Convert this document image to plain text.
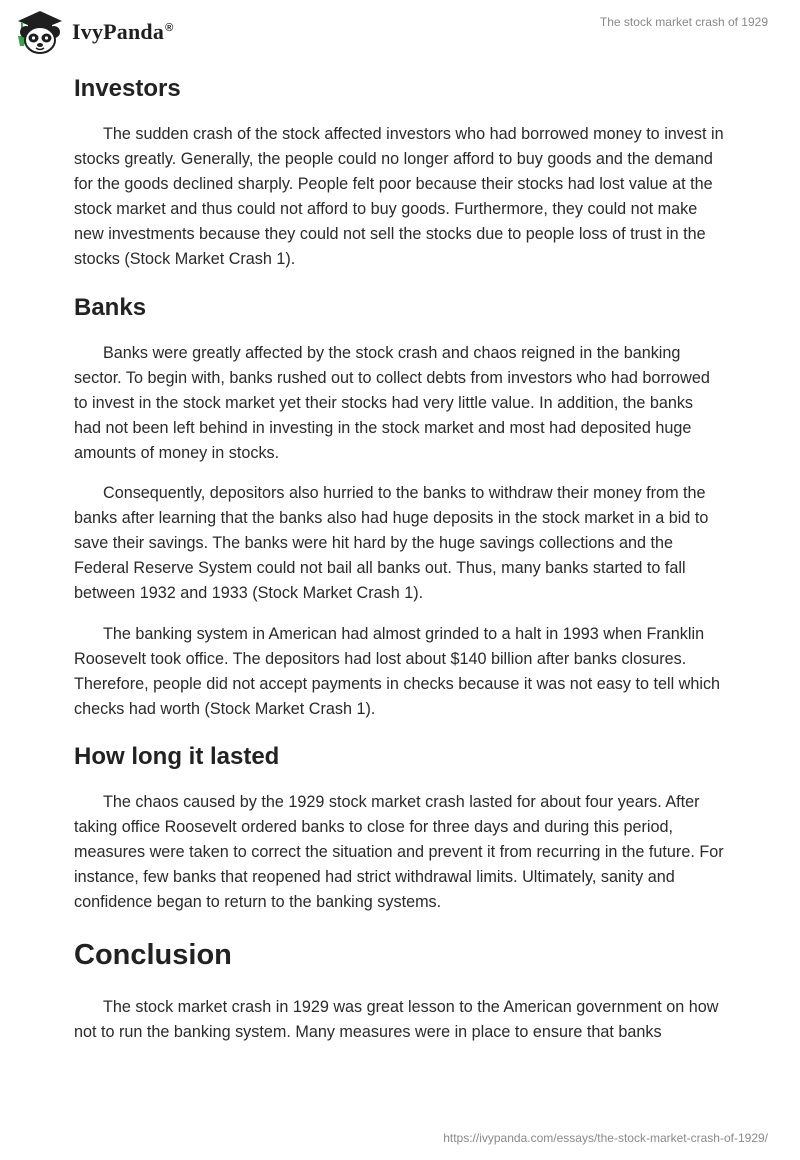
IvyPanda®	The stock market crash of 1929
Investors

The sudden crash of the stock affected investors who had borrowed money to invest in stocks greatly. Generally, the people could no longer afford to buy goods and the demand for the goods declined sharply. People felt poor because their stocks had lost value at the stock market and thus could not afford to buy goods. Furthermore, they could not make new investments because they could not sell the stocks due to people loss of trust in the stocks (Stock Market Crash 1).

Banks

Banks were greatly affected by the stock crash and chaos reigned in the banking sector. To begin with, banks rushed out to collect debts from investors who had borrowed to invest in the stock market yet their stocks had very little value. In addition, the banks had not been left behind in investing in the stock market and most had deposited huge amounts of money in stocks.

Consequently, depositors also hurried to the banks to withdraw their money from the banks after learning that the banks also had huge deposits in the stock market in a bid to save their savings. The banks were hit hard by the huge savings collections and the Federal Reserve System could not bail all banks out. Thus, many banks started to fall between 1932 and 1933 (Stock Market Crash 1).

The banking system in American had almost grinded to a halt in 1993 when Franklin Roosevelt took office. The depositors had lost about $140 billion after banks closures. Therefore, people did not accept payments in checks because it was not easy to tell which checks had worth (Stock Market Crash 1).

How long it lasted

The chaos caused by the 1929 stock market crash lasted for about four years. After taking office Roosevelt ordered banks to close for three days and during this period, measures were taken to correct the situation and prevent it from recurring in the future. For instance, few banks that reopened had strict withdrawal limits. Ultimately, sanity and confidence began to return to the banking systems.

Conclusion

The stock market crash in 1929 was great lesson to the American government on how not to run the banking system. Many measures were in place to ensure that banks

https://ivypanda.com/essays/the-stock-market-crash-of-1929/
